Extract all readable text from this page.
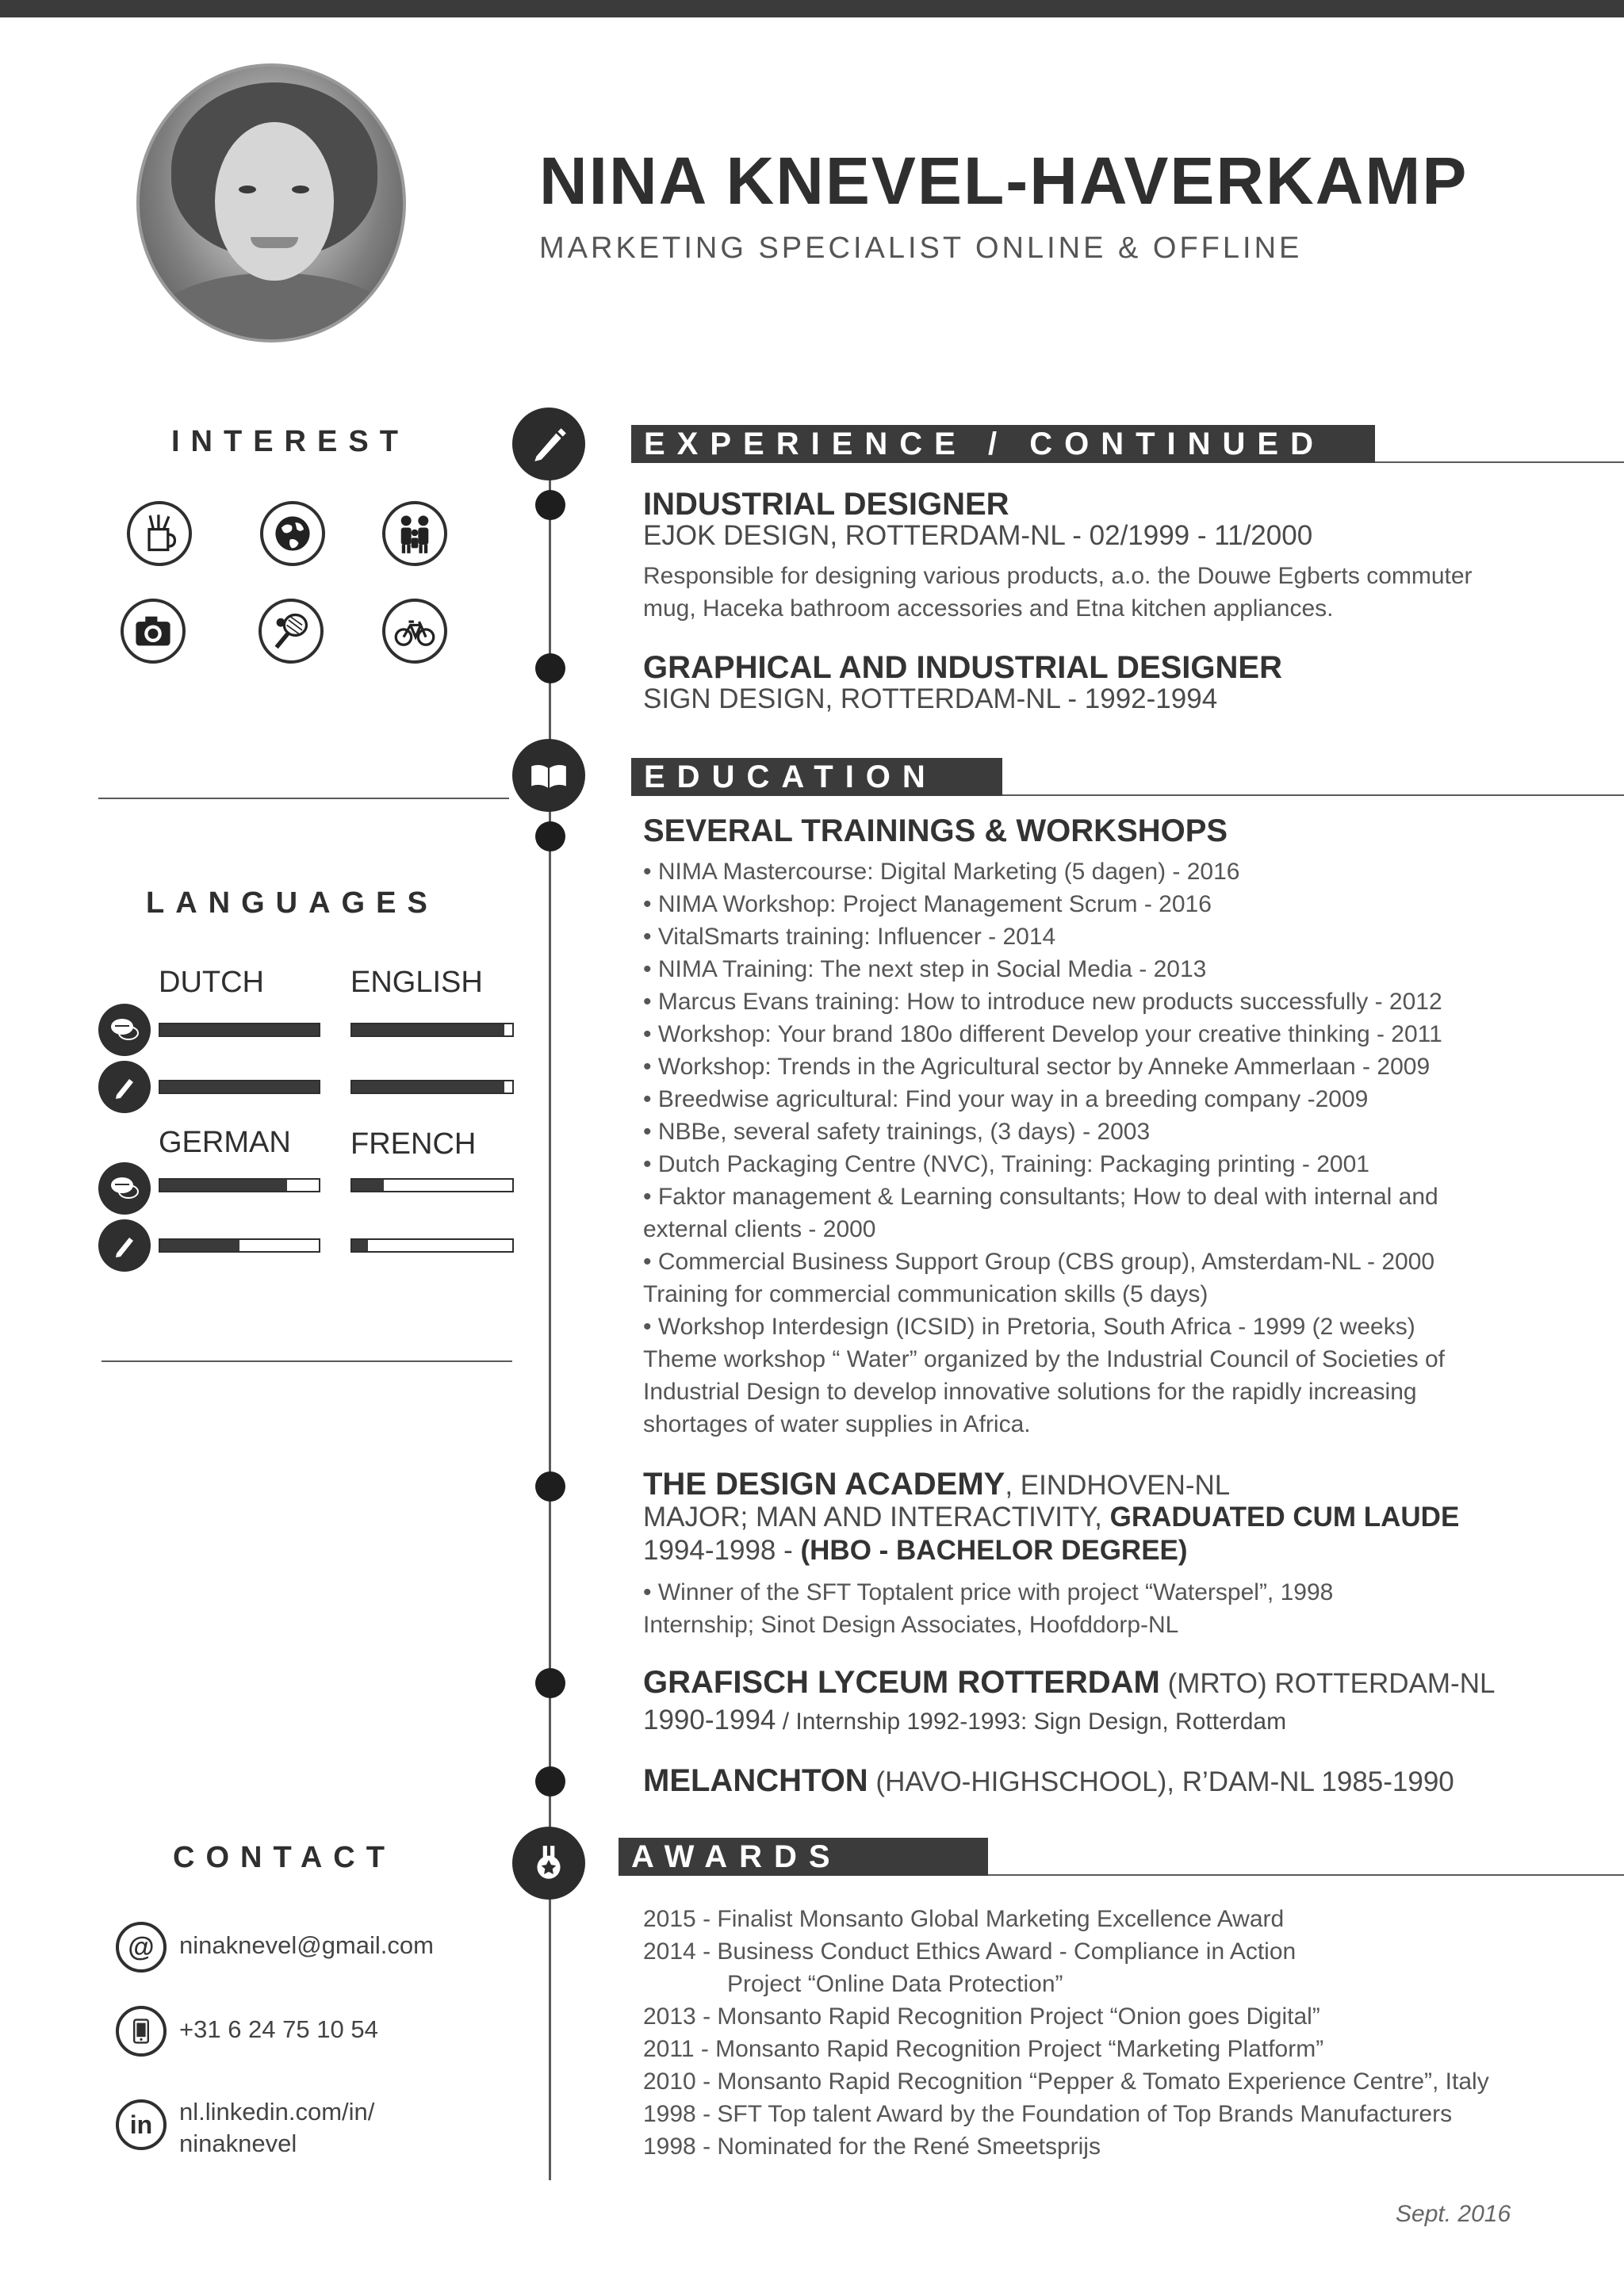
NINA KNEVEL-HAVERKAMP
MARKETING SPECIALIST ONLINE & OFFLINE
INTEREST
LANGUAGES
DUTCH	ENGLISH
GERMAN FRENCH
CONTACT
@	ninaknevel@gmail.com
+31 6 24 75 10 54
in	nl.linkedin.com/in/
ninaknevel
EXPERIENCE / CONTINUED
INDUSTRIAL DESIGNER
EJOK DESIGN, ROTTERDAM-NL - 02/1999 - 11/2000
Responsible for designing various products, a.o. the Douwe Egberts commuter
mug, Haceka bathroom accessories and Etna kitchen appliances.
GRAPHICAL AND INDUSTRIAL DESIGNER
SIGN DESIGN, ROTTERDAM-NL - 1992-1994
EDUCATION
SEVERAL TRAININGS & WORKSHOPS
• NIMA Mastercourse: Digital Marketing (5 dagen) - 2016
• NIMA Workshop: Project Management Scrum - 2016
• VitalSmarts training: Influencer - 2014
• NIMA Training: The next step in Social Media - 2013
• Marcus Evans training: How to introduce new products successfully - 2012
• Workshop: Your brand 180o different Develop your creative thinking - 2011
• Workshop: Trends in the Agricultural sector by Anneke Ammerlaan - 2009
• Breedwise agricultural: Find your way in a breeding company -2009
• NBBe, several safety trainings, (3 days) - 2003
• Dutch Packaging Centre (NVC), Training: Packaging printing - 2001
• Faktor management & Learning consultants; How to deal with internal and
external clients - 2000
• Commercial Business Support Group (CBS group), Amsterdam-NL - 2000
Training for commercial communication skills (5 days)
• Workshop Interdesign (ICSID) in Pretoria, South Africa - 1999 (2 weeks)
Theme workshop “ Water” organized by the Industrial Council of Societies of
Industrial Design to develop innovative solutions for the rapidly increasing
shortages of water supplies in Africa.
THE DESIGN ACADEMY, EINDHOVEN-NL
MAJOR; MAN AND INTERACTIVITY, GRADUATED CUM LAUDE
1994-1998 - (HBO - BACHELOR DEGREE)
• Winner of the SFT Toptalent price with project “Waterspel”, 1998
Internship; Sinot Design Associates, Hoofddorp-NL
GRAFISCH LYCEUM ROTTERDAM (MRTO) ROTTERDAM-NL
1990-1994 / Internship 1992-1993: Sign Design, Rotterdam
MELANCHTON (HAVO-HIGHSCHOOL), R’DAM-NL 1985-1990
AWARDS
2015 - Finalist Monsanto Global Marketing Excellence Award
2014 - Business Conduct Ethics Award - Compliance in Action
Project “Online Data Protection”
2013 - Monsanto Rapid Recognition Project “Onion goes Digital”
2011 - Monsanto Rapid Recognition Project “Marketing Platform”
2010 - Monsanto Rapid Recognition “Pepper & Tomato Experience Centre”, Italy
1998 - SFT Top talent Award by the Foundation of Top Brands Manufacturers
1998 - Nominated for the René Smeetsprijs
Sept. 2016
